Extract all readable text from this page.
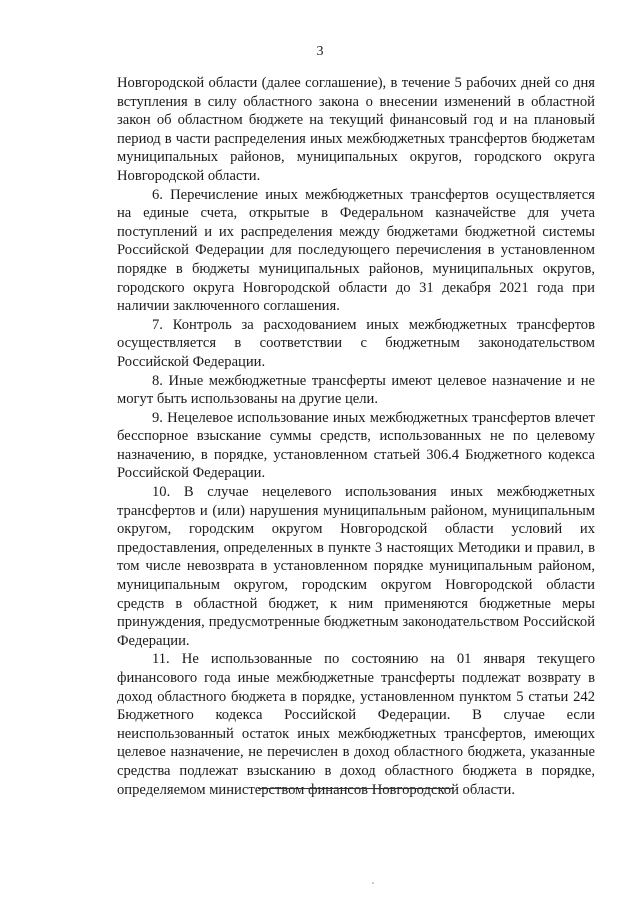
3

Новгородской области (далее соглашение), в течение 5 рабочих дней со дня вступления в силу областного закона о внесении изменений в областной закон об областном бюджете на текущий финансовый год и на плановый период в части распределения иных межбюджетных трансфертов бюджетам муниципальных районов, муниципальных округов, городского округа Новгородской области.

6. Перечисление иных межбюджетных трансфертов осуществляется на единые счета, открытые в Федеральном казначействе для учета поступлений и их распределения между бюджетами бюджетной системы Российской Федерации для последующего перечисления в установленном порядке в бюджеты муниципальных районов, муниципальных округов, городского округа Новгородской области до 31 декабря 2021 года при наличии заключенного соглашения.

7. Контроль за расходованием иных межбюджетных трансфертов осуществляется в соответствии с бюджетным законодательством Российской Федерации.

8. Иные межбюджетные трансферты имеют целевое назначение и не могут быть использованы на другие цели.

9. Нецелевое использование иных межбюджетных трансфертов влечет бесспорное взыскание суммы средств, использованных не по целевому назначению, в порядке, установленном статьей 306.4 Бюджетного кодекса Российской Федерации.

10. В случае нецелевого использования иных межбюджетных трансфертов и (или) нарушения муниципальным районом, муниципальным округом, городским округом Новгородской области условий их предоставления, определенных в пункте 3 настоящих Методики и правил, в том числе невозврата в установленном порядке муниципальным районом, муниципальным округом, городским округом Новгородской области средств в областной бюджет, к ним применяются бюджетные меры принуждения, предусмотренные бюджетным законодательством Российской Федерации.

11. Не использованные по состоянию на 01 января текущего финансового года иные межбюджетные трансферты подлежат возврату в доход областного бюджета в порядке, установленном пунктом 5 статьи 242 Бюджетного кодекса Российской Федерации. В случае если неиспользованный остаток иных межбюджетных трансфертов, имеющих целевое назначение, не перечислен в доход областного бюджета, указанные средства подлежат взысканию в доход областного бюджета в порядке, определяемом министерством финансов Новгородской области.
